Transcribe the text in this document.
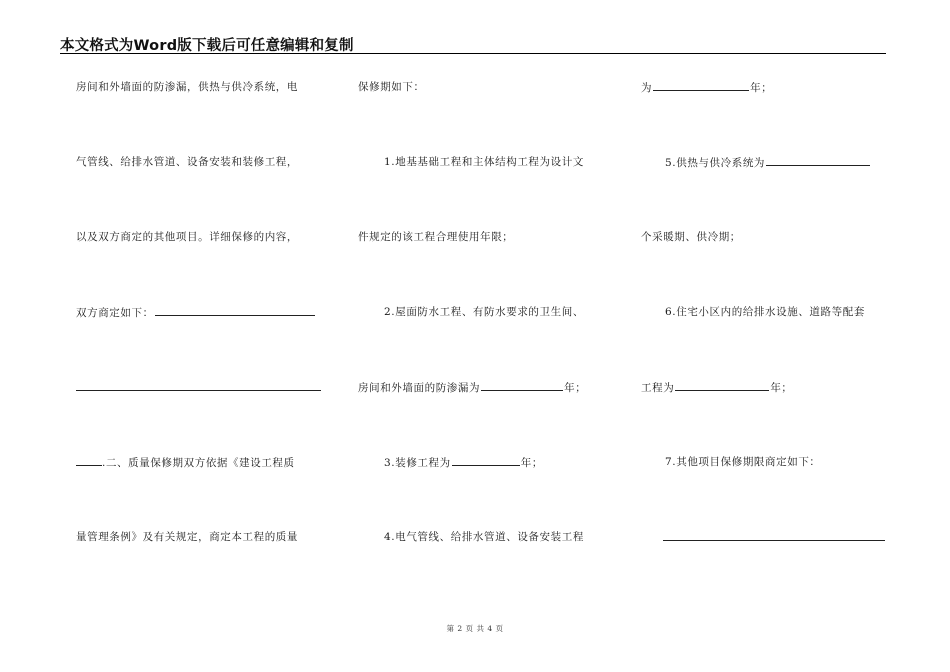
本文格式为Word版下载后可任意编辑和复制
房间和外墙面的防渗漏，供热与供冷系统，电
气管线、给排水管道、设备安装和装修工程，
以及双方商定的其他项目。详细保修的内容，
双方商定如下：
.二、质量保修期双方依据《建设工程质
量管理条例》及有关规定，商定本工程的质量
保修期如下：
1.地基基础工程和主体结构工程为设计文
件规定的该工程合理使用年限；
2.屋面防水工程、有防水要求的卫生间、
房间和外墙面的防渗漏为	年；
3.装修工程为	年；
4.电气管线、给排水管道、设备安装工程
为	年；
5.供热与供冷系统为
个采暖期、供冷期；
6.住宅小区内的给排水设施、道路等配套
工程为	年；
7.其他项目保修期限商定如下：
第 2 页 共 4 页
